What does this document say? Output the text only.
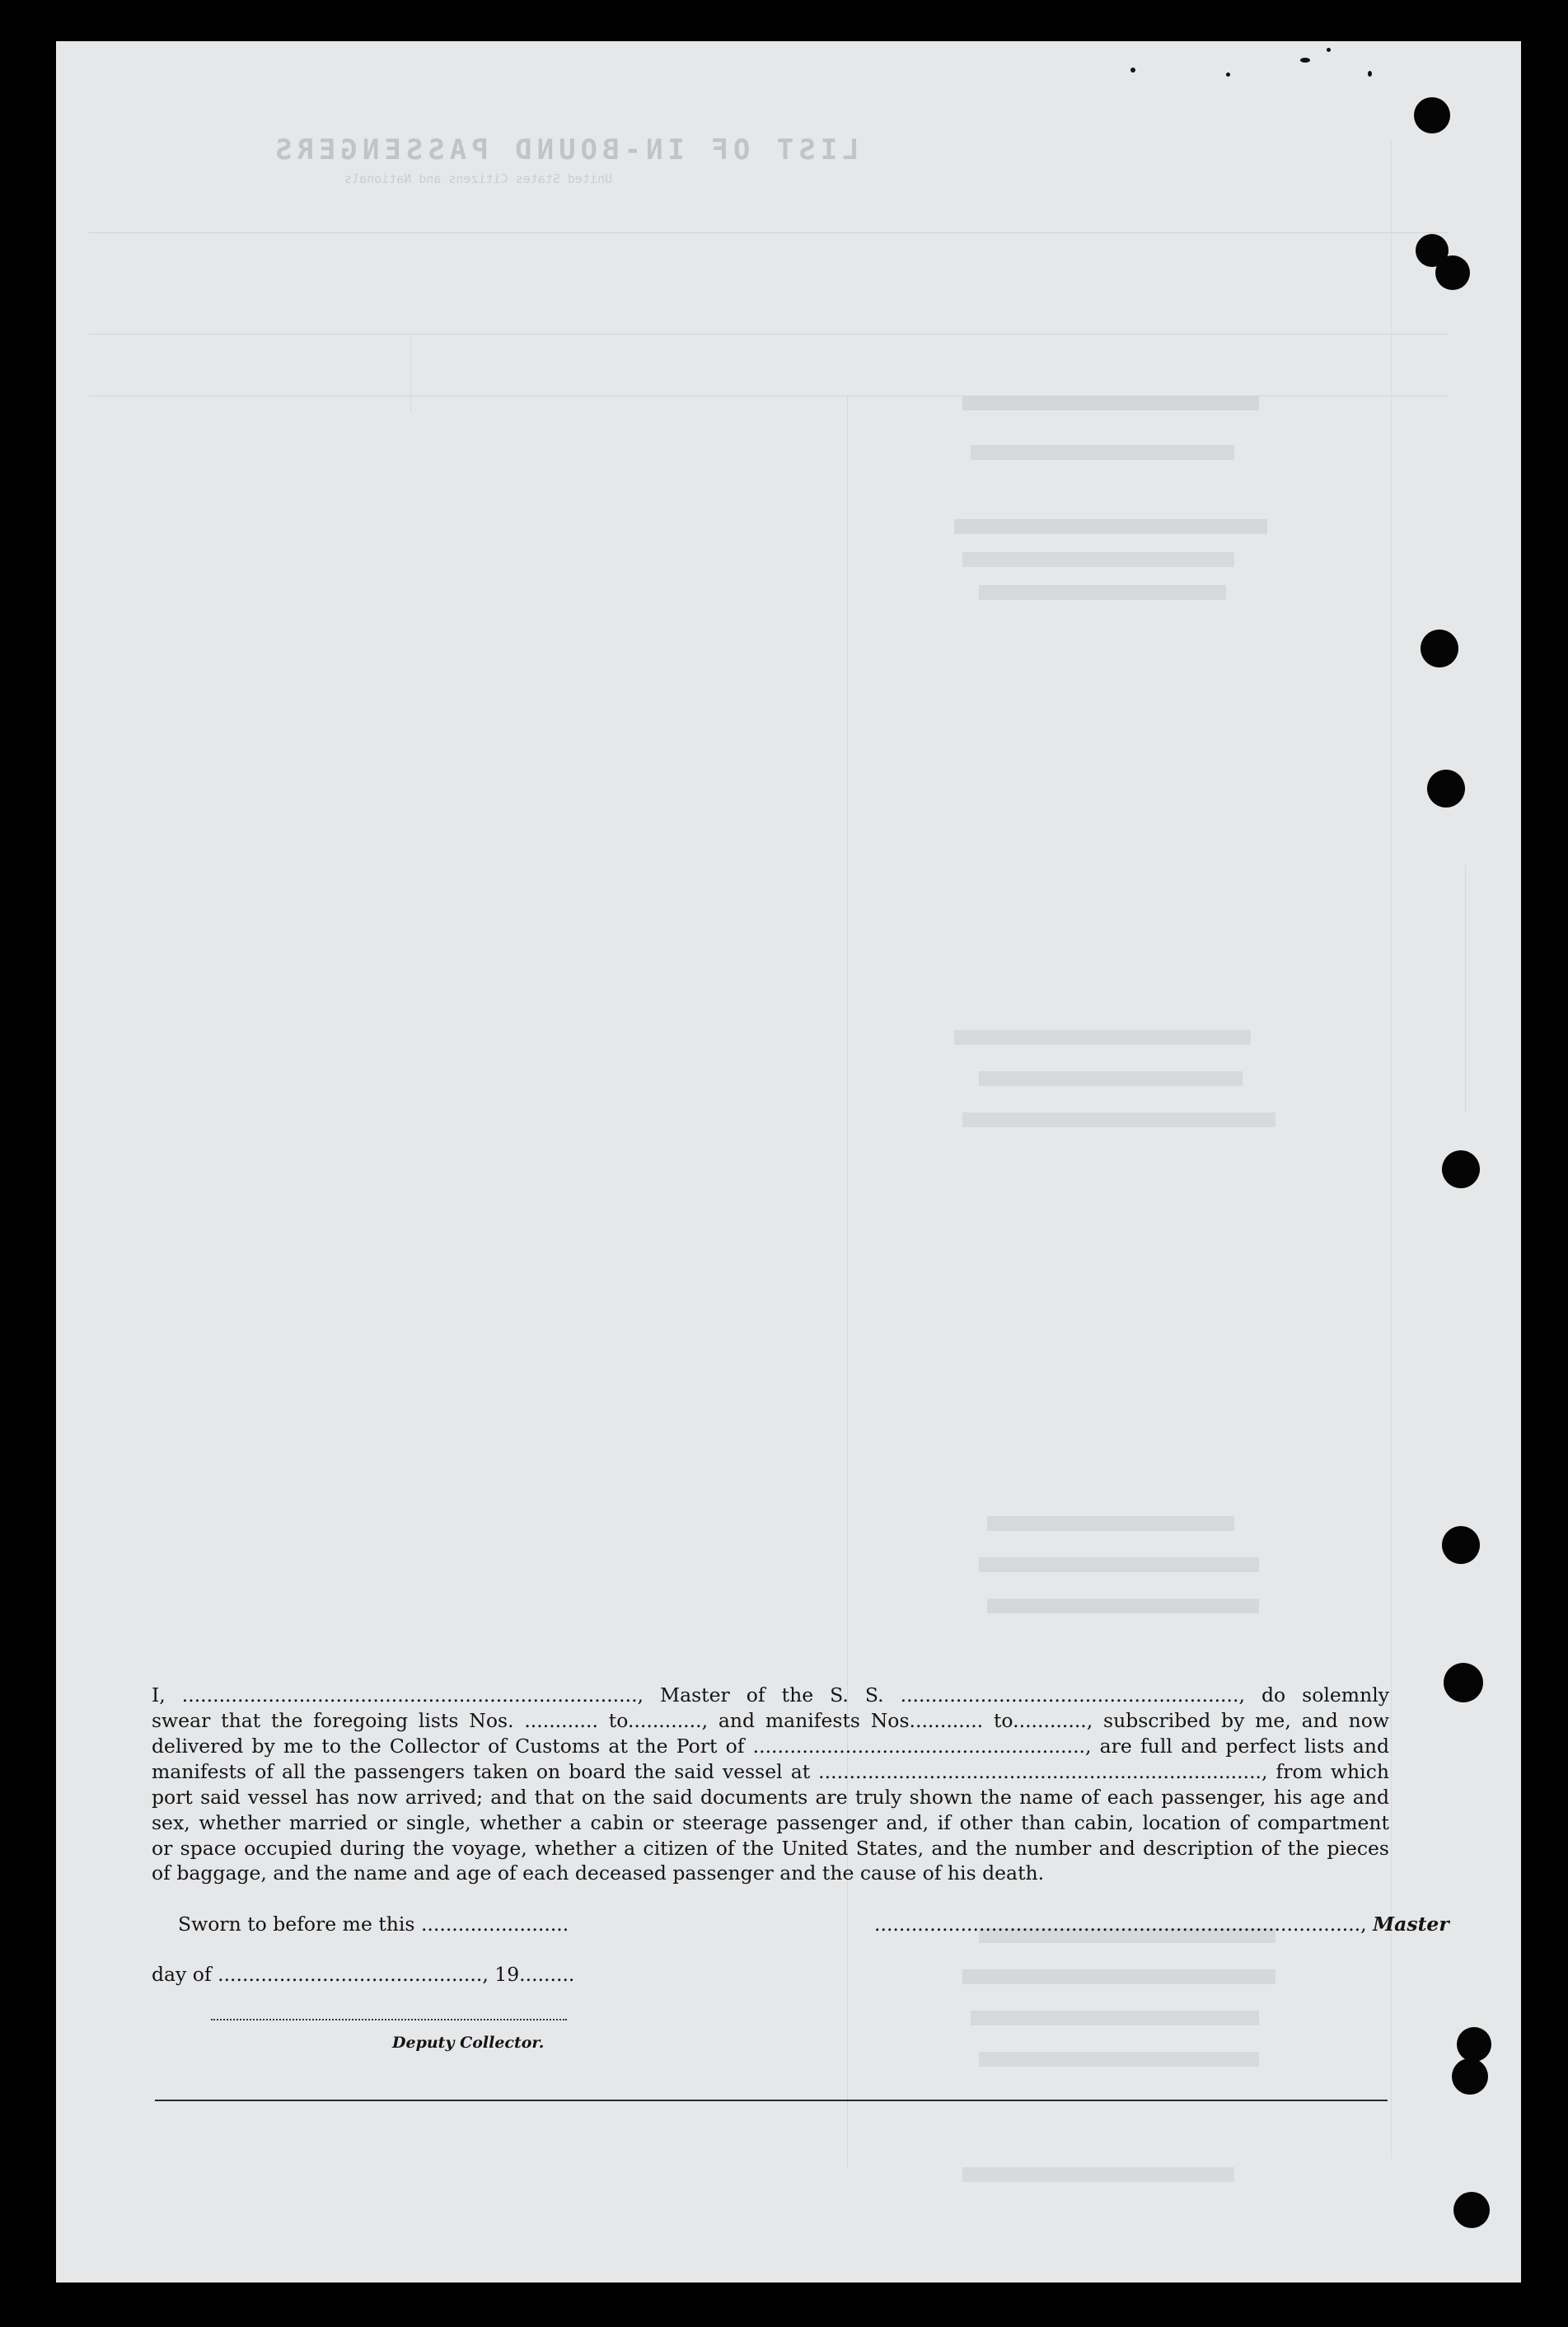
LIST OF IN-BOUND PASSENGERS
United States Citizens and Nationals
I, .........................................................................., Master of the S. S. ......................................................., do solemnly
swear that the foregoing lists Nos. ............ to............, and manifests Nos............ to............, subscribed by me, and now
delivered by me to the Collector of Customs at the Port of ......................................................, are full and perfect lists and
manifests of all the passengers taken on board the said vessel at ........................................................................, from which
port said vessel has now arrived; and that on the said documents are truly shown the name of each passenger, his age and
sex, whether married or single, whether a cabin or steerage passenger and, if other than cabin, location of compartment
or space occupied during the voyage, whether a citizen of the United States, and the number and description of the pieces
of baggage, and the name and age of each deceased passenger and the cause of his death.
Sworn to before me this ........................	..............................................................................., Master
day of ..........................................., 19.........
Deputy Collector.
